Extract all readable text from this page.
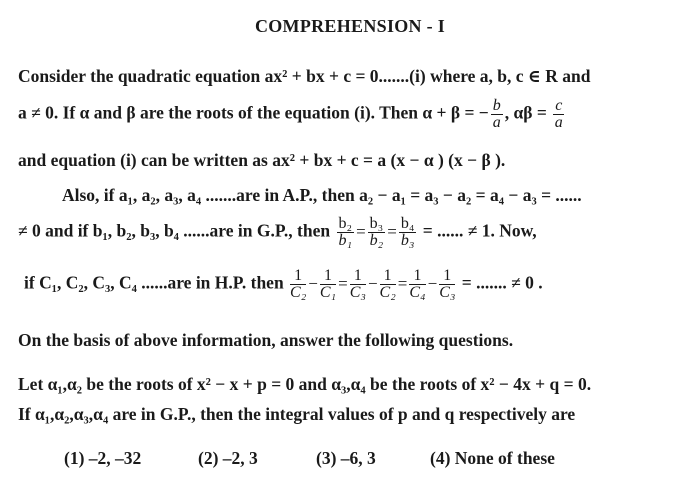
COMPREHENSION - I
Consider the quadratic equation ax² + bx + c = 0.......(i) where a, b, c ∈ R and
a ≠ 0. If α and β are the roots of the equation (i). Then α + β = − $\frac{b}{a}$ , $\alpha\beta = \frac{c}{a}$
and equation (i) can be written as ax² + bx + c = a (x − α ) (x − β ).
Also, if a₁, a₂, a₃, a₄ .......are in A.P., then a₂ − a₁ = a₃ − a₂ = a₄ − a₃ = ......
≠ 0 and if b₁, b₂, b₃, b₄ ......are in G.P., then $\frac{\text{b₂}}{\text{b₁}} = \frac{\text{b₃}}{\text{b₂}} = \frac{\text{b₄}}{\text{b₃}}$ = ...... ≠ 1. Now,
if C₁, C₂, C₃, C₄ ......are in H.P. then $\frac{1}{\text{C₂}} - \frac{1}{\text{C₁}} = \frac{1}{\text{C₃}} - \frac{1}{\text{C₂}} = \frac{1}{\text{C₄}} - \frac{1}{\text{C₃}}$ = ....... ≠ 0 .
On the basis of above information, answer the following questions.
Let α₁,α₂ be the roots of x² − x + p = 0 and α₃,α₄ be the roots of x² − 4x + q = 0.
If α₁,α₂,α₃,α₄ are in G.P., then the integral values of p and q respectively are
(1) –2, –32	(2) –2, 3	(3) –6, 3	(4) None of these
